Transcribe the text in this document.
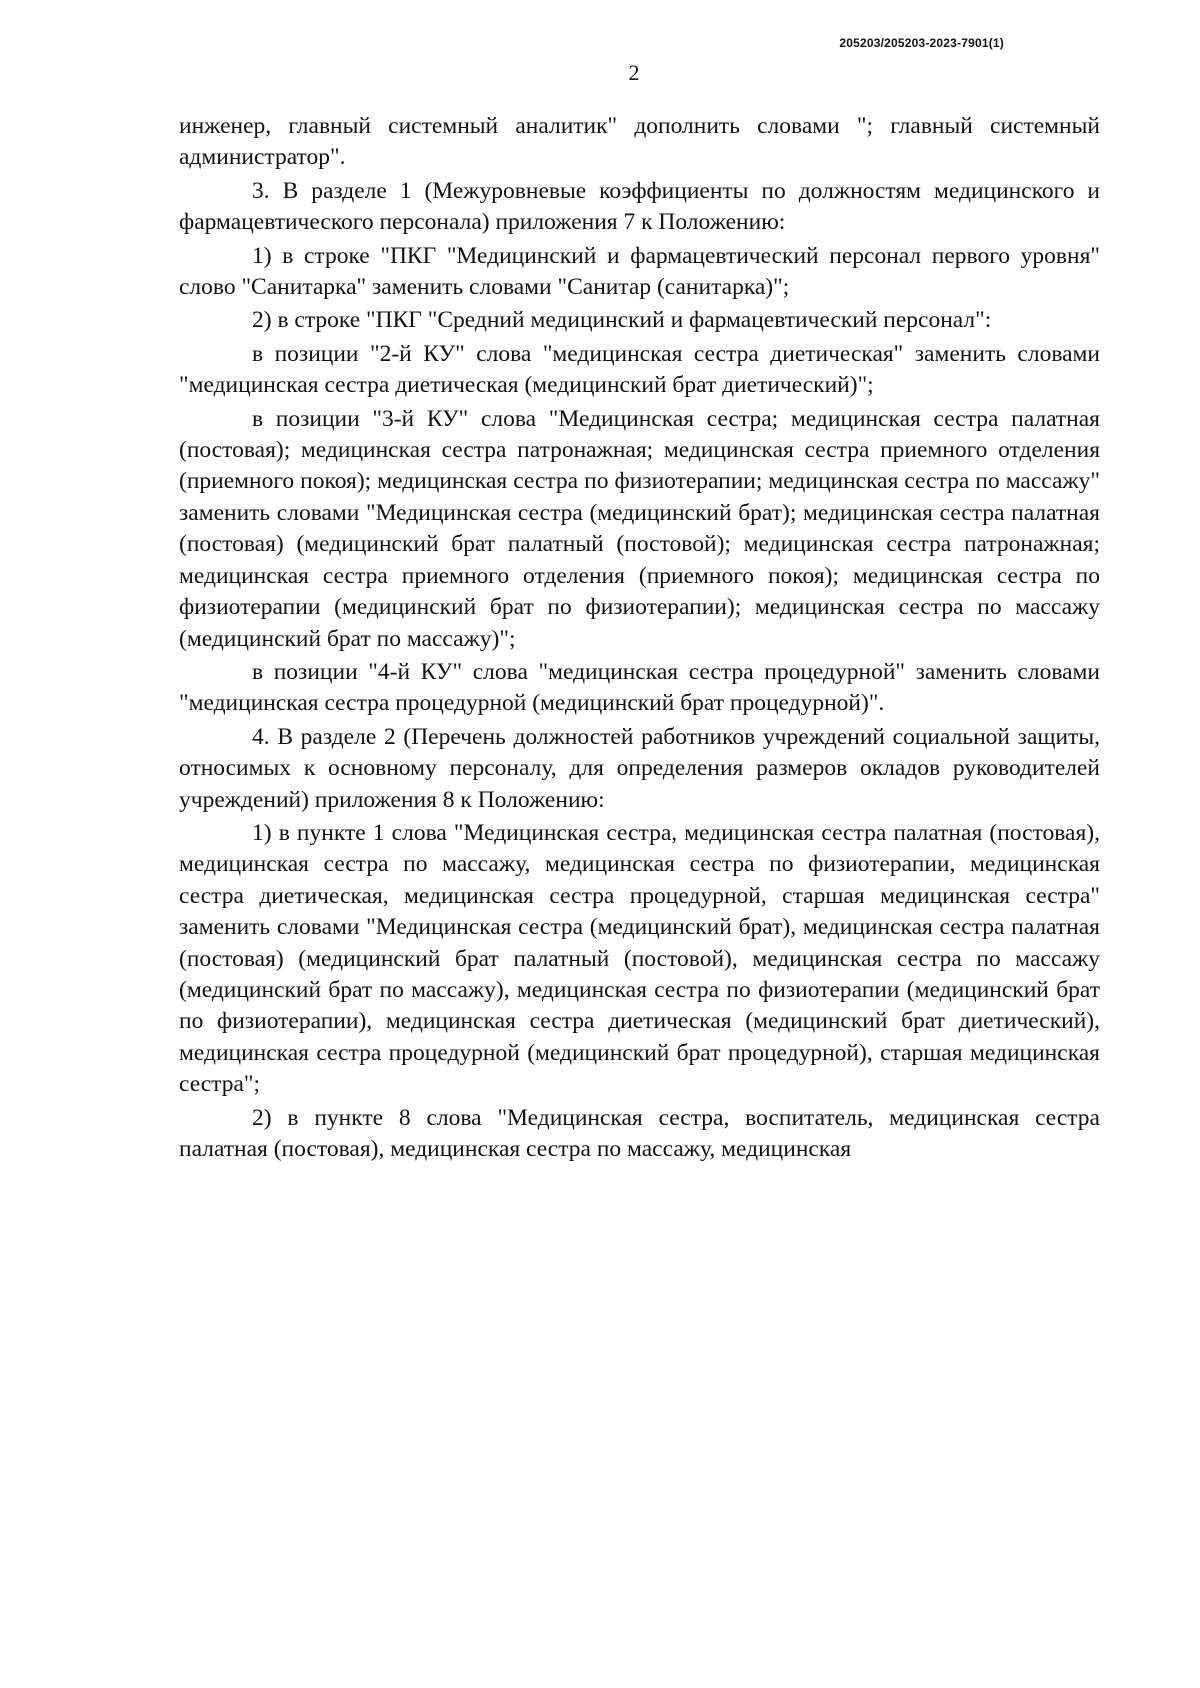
205203/205203-2023-7901(1)
2

инженер, главный системный аналитик" дополнить словами "; главный системный администратор".

3. В разделе 1 (Межуровневые коэффициенты по должностям медицинского и фармацевтического персонала) приложения 7 к Положению:

1) в строке "ПКГ "Медицинский и фармацевтический персонал первого уровня" слово "Санитарка" заменить словами "Санитар (санитарка)";

2) в строке "ПКГ "Средний медицинский и фармацевтический персонал":

в позиции "2-й КУ" слова "медицинская сестра диетическая" заменить словами "медицинская сестра диетическая (медицинский брат диетический)";

в позиции "3-й КУ" слова "Медицинская сестра; медицинская сестра палатная (постовая); медицинская сестра патронажная; медицинская сестра приемного отделения (приемного покоя); медицинская сестра по физиотерапии; медицинская сестра по массажу" заменить словами "Медицинская сестра (медицинский брат); медицинская сестра палатная (постовая) (медицинский брат палатный (постовой); медицинская сестра патронажная; медицинская сестра приемного отделения (приемного покоя); медицинская сестра по физиотерапии (медицинский брат по физиотерапии); медицинская сестра по массажу (медицинский брат по массажу)";

в позиции "4-й КУ" слова "медицинская сестра процедурной" заменить словами "медицинская сестра процедурной (медицинский брат процедурной)".

4. В разделе 2 (Перечень должностей работников учреждений социальной защиты, относимых к основному персоналу, для определения размеров окладов руководителей учреждений) приложения 8 к Положению:

1) в пункте 1 слова "Медицинская сестра, медицинская сестра палатная (постовая), медицинская сестра по массажу, медицинская сестра по физиотерапии, медицинская сестра диетическая, медицинская сестра процедурной, старшая медицинская сестра" заменить словами "Медицинская сестра (медицинский брат), медицинская сестра палатная (постовая) (медицинский брат палатный (постовой), медицинская сестра по массажу (медицинский брат по массажу), медицинская сестра по физиотерапии (медицинский брат по физиотерапии), медицинская сестра диетическая (медицинский брат диетический), медицинская сестра процедурной (медицинский брат процедурной), старшая медицинская сестра";

2) в пункте 8 слова "Медицинская сестра, воспитатель, медицинская сестра палатная (постовая), медицинская сестра по массажу, медицинская
